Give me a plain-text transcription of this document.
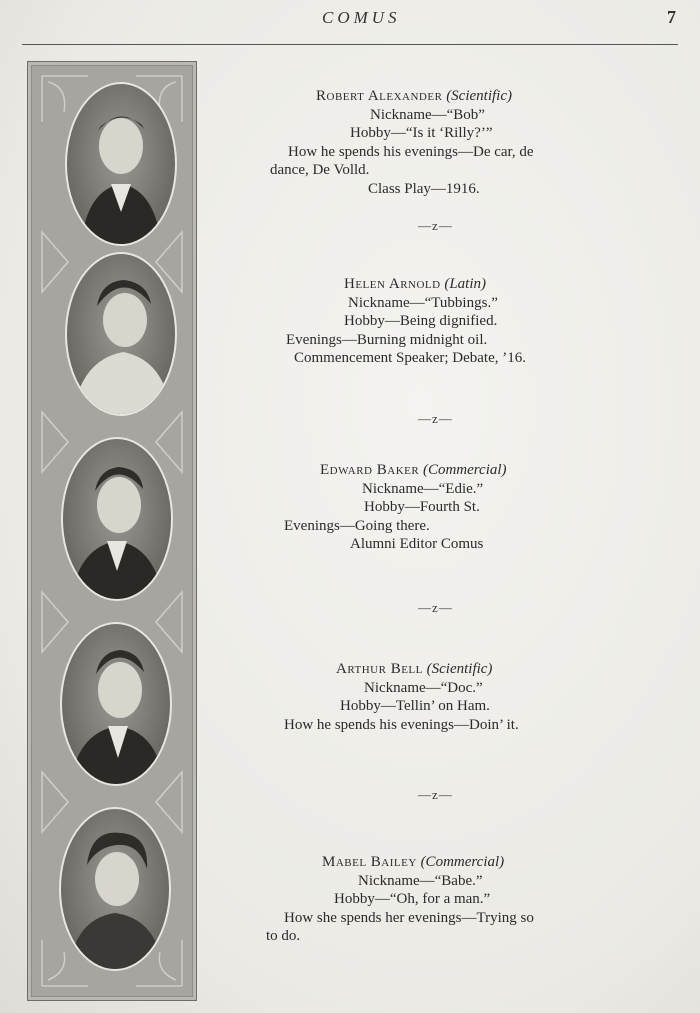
COMUS	7
Robert Alexander (Scientific)
Nickname—“Bob”
Hobby—“Is it ‘Rilly?’”
How he spends his evenings—De car, de
dance, De Volld.
Class Play—1916.
—z—
Helen Arnold (Latin)
Nickname—“Tubbings.”
Hobby—Being dignified.
Evenings—Burning midnight oil.
Commencement Speaker; Debate, ’16.
—z—
Edward Baker (Commercial)
Nickname—“Edie.”
Hobby—Fourth St.
Evenings—Going there.
Alumni Editor Comus
—z—
Arthur Bell (Scientific)
Nickname—“Doc.”
Hobby—Tellin’ on Ham.
How he spends his evenings—Doin’ it.
—z—
Mabel Bailey (Commercial)
Nickname—“Babe.”
Hobby—“Oh, for a man.”
How she spends her evenings—Trying so
to do.
